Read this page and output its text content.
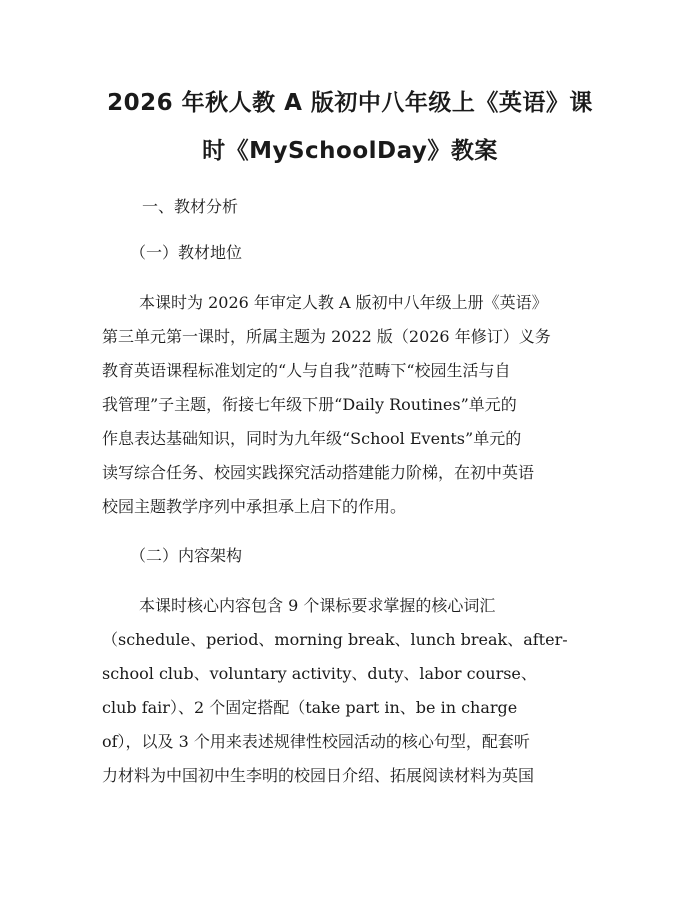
2026 年秋人教 A 版初中八年级上《英语》课
时《MySchoolDay》教案
一、教材分析
（一）教材地位
本课时为 2026 年审定人教 A 版初中八年级上册《英语》
第三单元第一课时，所属主题为 2022 版（2026 年修订）义务
教育英语课程标准划定的“人与自我”范畴下“校园生活与自
我管理”子主题，衔接七年级下册“Daily Routines”单元的
作息表达基础知识，同时为九年级“School Events”单元的
读写综合任务、校园实践探究活动搭建能力阶梯，在初中英语
校园主题教学序列中承担承上启下的作用。
（二）内容架构
本课时核心内容包含 9 个课标要求掌握的核心词汇
（schedule、period、morning break、lunch break、after-
school club、voluntary activity、duty、labor course、
club fair）、2 个固定搭配（take part in、be in charge
of），以及 3 个用来表述规律性校园活动的核心句型，配套听
力材料为中国初中生李明的校园日介绍、拓展阅读材料为英国
